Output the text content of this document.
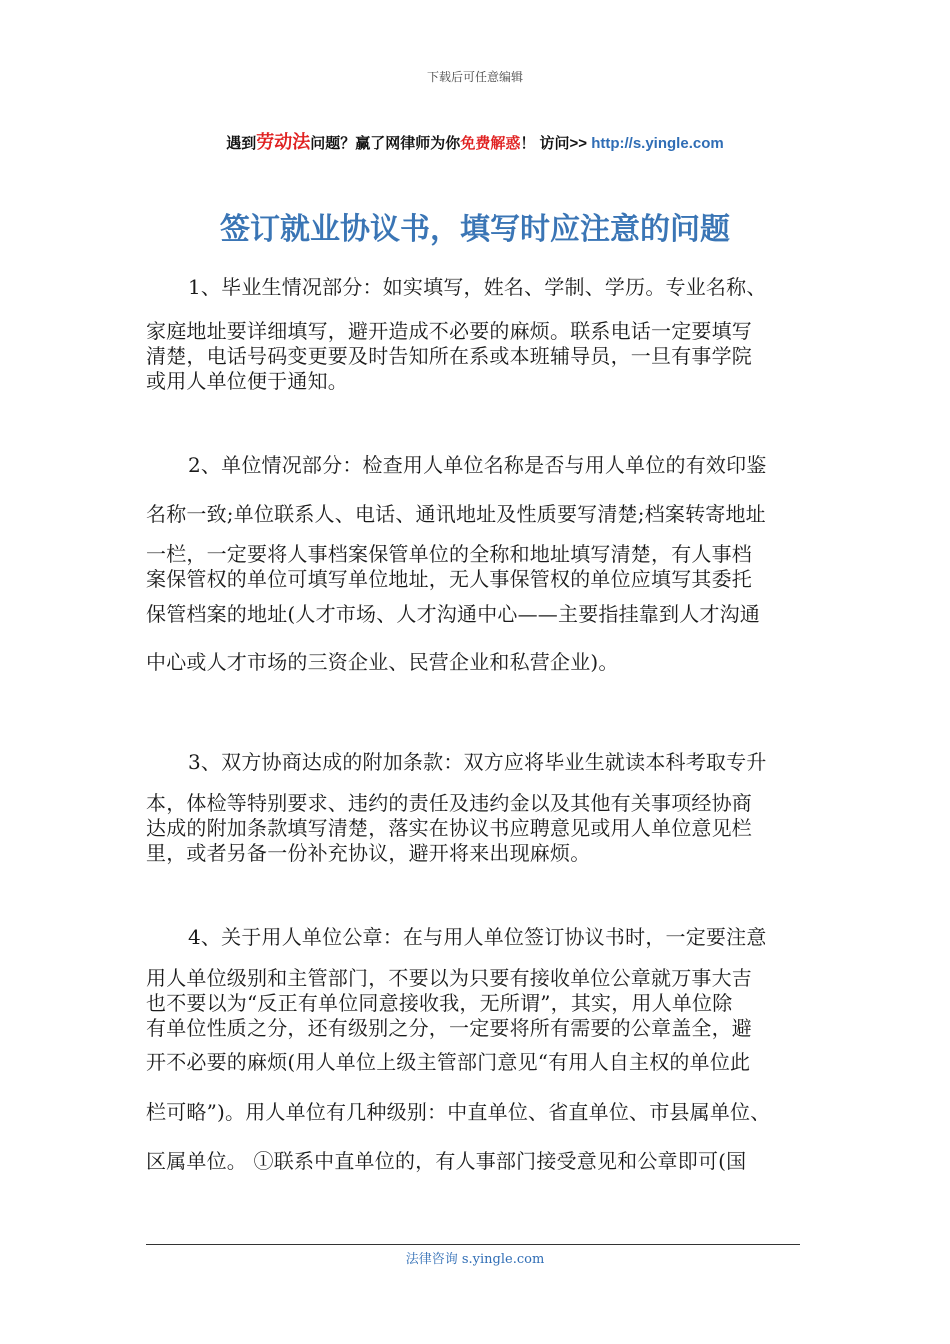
下载后可任意编辑
遇到劳动法问题？赢了网律师为你免费解惑！ 访问>> http://s.yingle.com
签订就业协议书，填写时应注意的问题
1、毕业生情况部分：如实填写，姓名、学制、学历。专业名称、
家庭地址要详细填写，避开造成不必要的麻烦。联系电话一定要填写
清楚，电话号码变更要及时告知所在系或本班辅导员，一旦有事学院
或用人单位便于通知。
2、单位情况部分：检查用人单位名称是否与用人单位的有效印鉴
名称一致;单位联系人、电话、通讯地址及性质要写清楚;档案转寄地址
一栏，一定要将人事档案保管单位的全称和地址填写清楚，有人事档
案保管权的单位可填写单位地址，无人事保管权的单位应填写其委托
保管档案的地址(人才市场、人才沟通中心——主要指挂靠到人才沟通
中心或人才市场的三资企业、民营企业和私营企业)。
3、双方协商达成的附加条款：双方应将毕业生就读本科考取专升
本，体检等特别要求、违约的责任及违约金以及其他有关事项经协商
达成的附加条款填写清楚，落实在协议书应聘意见或用人单位意见栏
里，或者另备一份补充协议，避开将来出现麻烦。
4、关于用人单位公章：在与用人单位签订协议书时，一定要注意
用人单位级别和主管部门，不要以为只要有接收单位公章就万事大吉
也不要以为“反正有单位同意接收我，无所谓”，其实，用人单位除
有单位性质之分，还有级别之分，一定要将所有需要的公章盖全，避
开不必要的麻烦(用人单位上级主管部门意见“有用人自主权的单位此
栏可略”)。用人单位有几种级别：中直单位、省直单位、市县属单位、
区属单位。 ①联系中直单位的，有人事部门接受意见和公章即可(国
法律咨询 s.yingle.com
